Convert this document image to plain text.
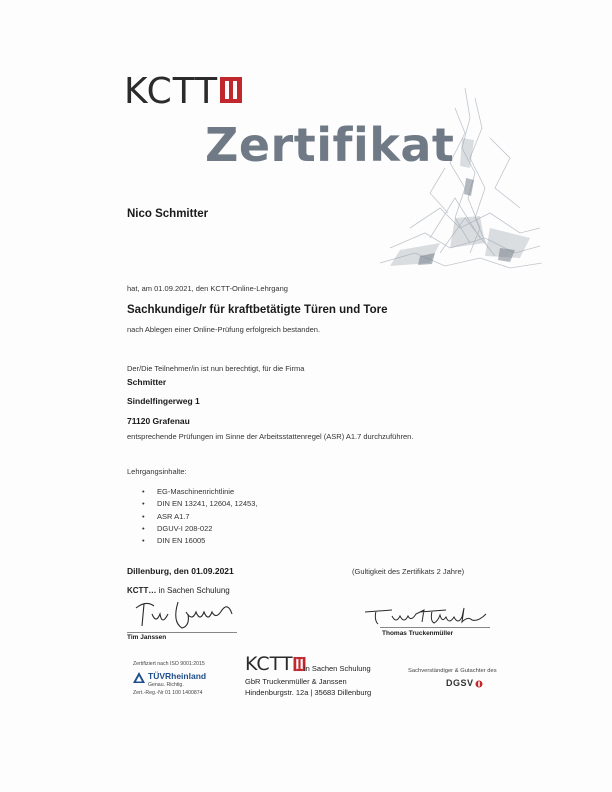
KCTT
Zertifikat
Nico Schmitter
hat, am 01.09.2021, den KCTT-Online-Lehrgang
Sachkundige/r für kraftbetätigte Türen und Tore
nach Ablegen einer Online-Prüfung erfolgreich bestanden.
Der/Die Teilnehmer/in ist nun berechtigt, für die Firma
Schmitter
Sindelfingerweg 1
71120 Grafenau
entsprechende Prüfungen im Sinne der Arbeitsstattenregel (ASR) A1.7 durchzuführen.
Lehrgangsinhalte:
• EG-Maschinenrichtlinie
• DIN EN 13241, 12604, 12453,
• ASR A1.7
• DGUV-I 208-022
• DIN EN 16005
Dillenburg, den 01.09.2021	(Gultigkeit des Zertifikats 2 Jahre)
KCTT… in Sachen Schulung
Tim Janssen
Thomas Truckenmüller
Zertifiziert nach ISO 9001:2015
TÜVRheinland
Genau. Richtig.
Zert.-Reg.-Nr 01 100 1400874
KCTT	in Sachen Schulung
GbR Truckenmüller & Janssen
Hindenburgstr. 12a | 35683 Dillenburg
Sachverständiger & Gutachter des
DGSV
